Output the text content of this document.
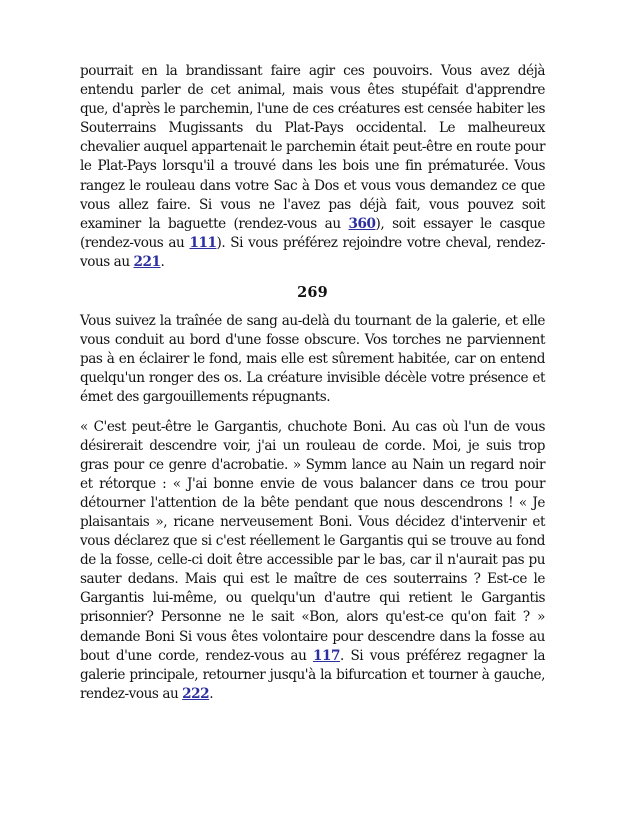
pourrait en la brandissant faire agir ces pouvoirs. Vous avez déjà entendu parler de cet animal, mais vous êtes stupéfait d'apprendre que, d'après le parchemin, l'une de ces créatures est censée habiter les Souterrains Mugissants du Plat-Pays occidental. Le malheureux chevalier auquel appartenait le parchemin était peut-être en route pour le Plat-Pays lorsqu'il a trouvé dans les bois une fin prématurée. Vous rangez le rouleau dans votre Sac à Dos et vous vous demandez ce que vous allez faire. Si vous ne l'avez pas déjà fait, vous pouvez soit examiner la baguette (rendez-vous au 360), soit essayer le casque (rendez-vous au 111). Si vous préférez rejoindre votre cheval, rendez-vous au 221.

269

Vous suivez la traînée de sang au-delà du tournant de la galerie, et elle vous conduit au bord d'une fosse obscure. Vos torches ne parviennent pas à en éclairer le fond, mais elle est sûrement habitée, car on entend quelqu'un ronger des os. La créature invisible décèle votre présence et émet des gargouillements répugnants.

« C'est peut-être le Gargantis, chuchote Boni. Au cas où l'un de vous désirerait descendre voir, j'ai un rouleau de corde. Moi, je suis trop gras pour ce genre d'acrobatie. » Symm lance au Nain un regard noir et rétorque : « J'ai bonne envie de vous balancer dans ce trou pour détourner l'attention de la bête pendant que nous descendrons ! « Je plaisantais », ricane nerveusement Boni. Vous décidez d'intervenir et vous déclarez que si c'est réellement le Gargantis qui se trouve au fond de la fosse, celle-ci doit être accessible par le bas, car il n'aurait pas pu sauter dedans. Mais qui est le maître de ces souterrains ? Est-ce le Gargantis lui-même, ou quelqu'un d'autre qui retient le Gargantis prisonnier? Personne ne le sait «Bon, alors qu'est-ce qu'on fait ? » demande Boni Si vous êtes volontaire pour descendre dans la fosse au bout d'une corde, rendez-vous au 117. Si vous préférez regagner la galerie principale, retourner jusqu'à la bifurcation et tourner à gauche, rendez-vous au 222.
